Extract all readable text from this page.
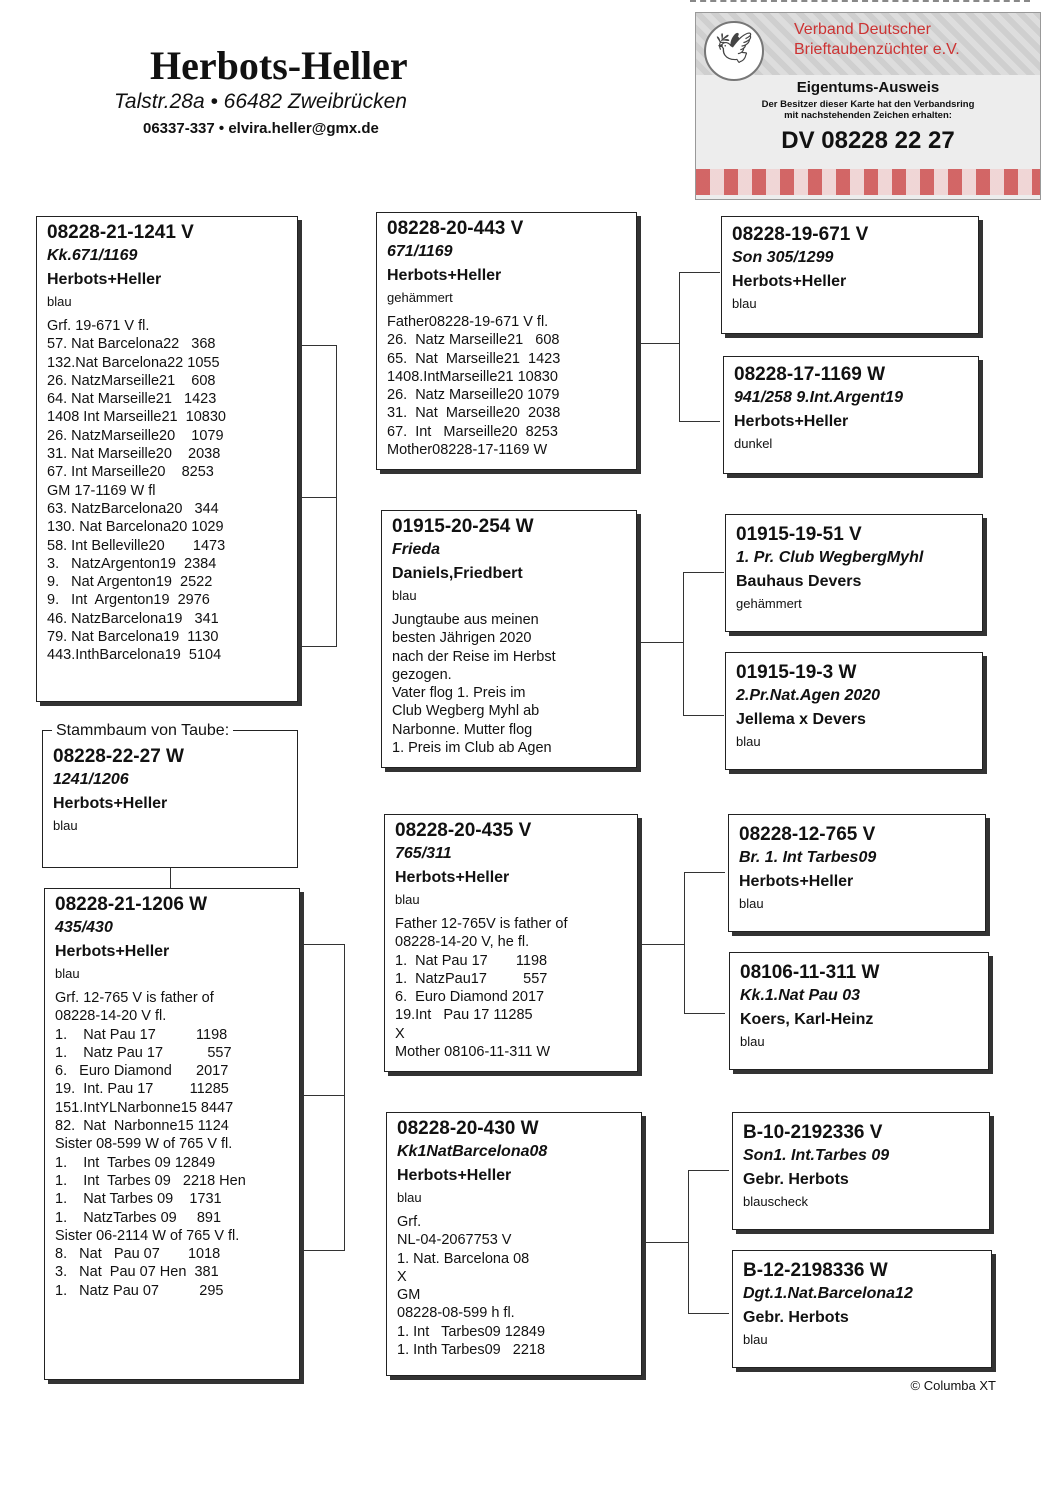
Herbots-Heller
Talstr.28a • 66482 Zweibrücken
06337-337 • elvira.heller@gmx.de
🕊
Verband Deutscher
Brieftaubenzüchter e.V.
Eigentums-Ausweis
Der Besitzer dieser Karte hat den Verbandsring
mit nachstehenden Zeichen erhalten:
DV 08228 22 27
08228-21-1241 V
Kk.671/1169
Herbots+Heller
blau
Grf. 19-671 V fl.
57. Nat Barcelona22   368
132.Nat Barcelona22 1055
26. NatzMarseille21    608
64. Nat Marseille21   1423
1408 Int Marseille21  10830
26. NatzMarseille20    1079
31. Nat Marseille20    2038
67. Int Marseille20    8253
GM 17-1169 W fl
63. NatzBarcelona20   344
130. Nat Barcelona20 1029
58. Int Belleville20       1473
3.   NatzArgenton19  2384
9.   Nat Argenton19  2522
9.   Int  Argenton19  2976
46. NatzBarcelona19   341
79. Nat Barcelona19  1130
443.InthBarcelona19  5104
08228-22-27 W
1241/1206
Herbots+Heller
blau
Stammbaum von Taube:
08228-21-1206 W
435/430
Herbots+Heller
blau
Grf. 12-765 V is father of
08228-14-20 V fl.
1.    Nat Pau 17          1198
1.    Natz Pau 17           557
6.   Euro Diamond      2017
19.  Int. Pau 17         11285
151.IntYLNarbonne15 8447
82.  Nat  Narbonne15 1124
Sister 08-599 W of 765 V fl.
1.    Int  Tarbes 09 12849
1.    Int  Tarbes 09   2218 Hen
1.    Nat Tarbes 09    1731
1.    NatzTarbes 09     891
Sister 06-2114 W of 765 V fl.
8.   Nat   Pau 07       1018
3.   Nat  Pau 07 Hen  381
1.   Natz Pau 07          295
08228-20-443 V
671/1169
Herbots+Heller
gehämmert
Father08228-19-671 V fl.
26.  Natz Marseille21   608
65.  Nat  Marseille21  1423
1408.IntMarseille21 10830
26.  Natz Marseille20 1079
31.  Nat  Marseille20  2038
67.  Int   Marseille20  8253
Mother08228-17-1169 W
01915-20-254 W
Frieda
Daniels,Friedbert
blau
Jungtaube aus meinen
besten Jährigen 2020
nach der Reise im Herbst
gezogen.
Vater flog 1. Preis im
Club Wegberg Myhl ab
Narbonne. Mutter flog
1. Preis im Club ab Agen
08228-20-435 V
765/311
Herbots+Heller
blau
Father 12-765V is father of
08228-14-20 V, he fl.
1.  Nat Pau 17       1198
1.  NatzPau17         557
6.  Euro Diamond 2017
19.Int   Pau 17 11285
X
Mother 08106-11-311 W
08228-20-430 W
Kk1NatBarcelona08
Herbots+Heller
blau
Grf.
NL-04-2067753 V
1. Nat. Barcelona 08
X
GM
08228-08-599 h fl.
1. Int   Tarbes09 12849
1. Inth Tarbes09   2218
08228-19-671 V
Son 305/1299
Herbots+Heller
blau
08228-17-1169 W
941/258 9.Int.Argent19
Herbots+Heller
dunkel
01915-19-51 V
1. Pr. Club WegbergMyhl
Bauhaus Devers
gehämmert
01915-19-3 W
2.Pr.Nat.Agen 2020
Jellema x Devers
blau
08228-12-765 V
Br. 1. Int Tarbes09
Herbots+Heller
blau
08106-11-311 W
Kk.1.Nat Pau 03
Koers, Karl-Heinz
blau
B-10-2192336 V
Son1. Int.Tarbes 09
Gebr. Herbots
blauscheck
B-12-2198336 W
Dgt.1.Nat.Barcelona12
Gebr. Herbots
blau
© Columba XT
